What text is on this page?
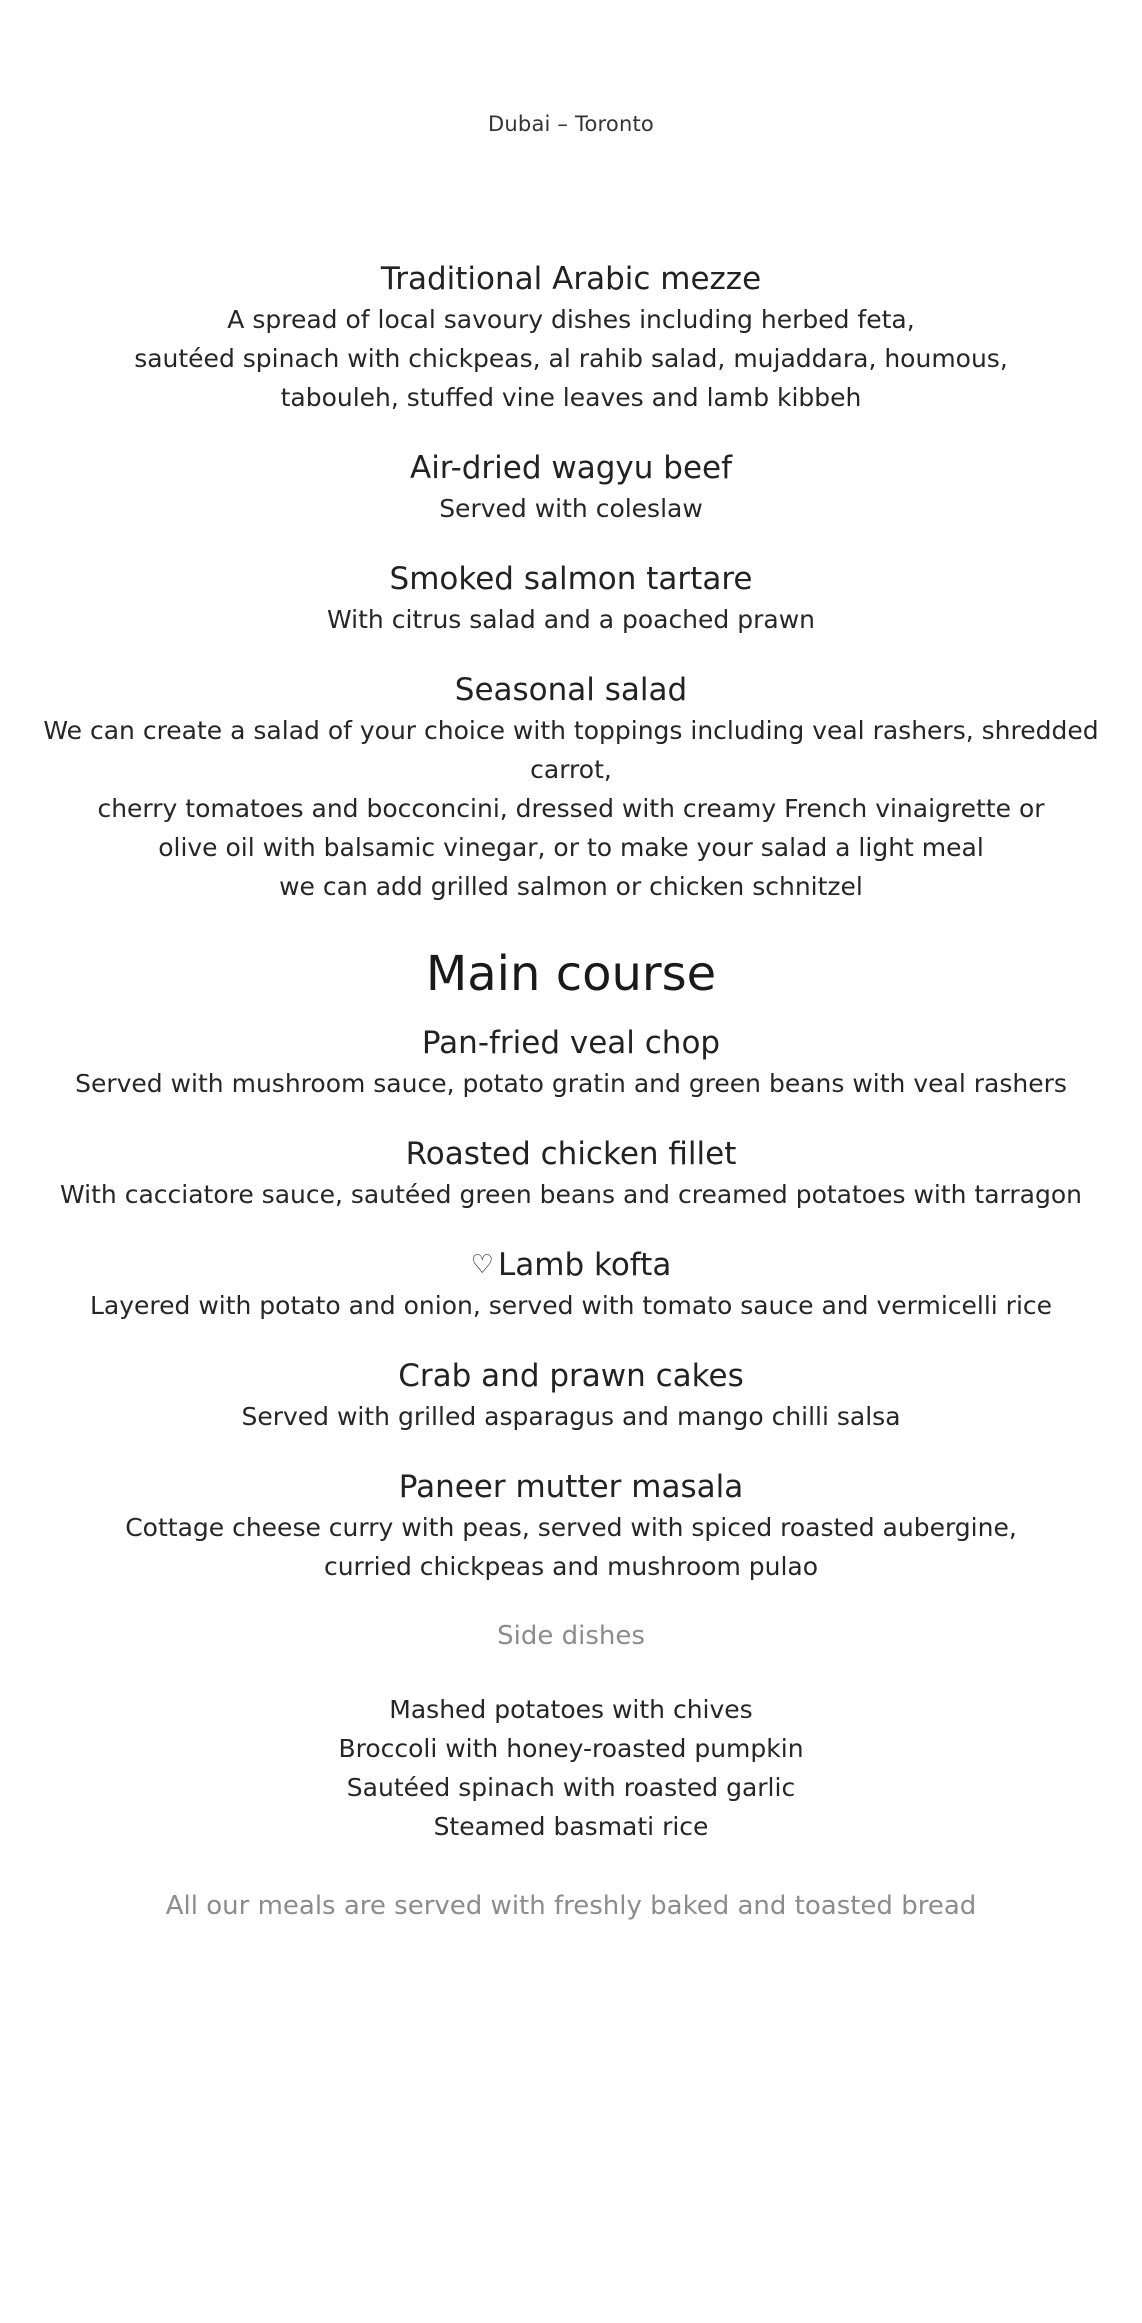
Dubai – Toronto
Traditional Arabic mezze
A spread of local savoury dishes including herbed feta,
sautéed spinach with chickpeas, al rahib salad, mujaddara, houmous,
tabouleh, stuffed vine leaves and lamb kibbeh
Air-dried wagyu beef
Served with coleslaw
Smoked salmon tartare
With citrus salad and a poached prawn
Seasonal salad
We can create a salad of your choice with toppings including veal rashers, shredded carrot,
cherry tomatoes and bocconcini, dressed with creamy French vinaigrette or
olive oil with balsamic vinegar, or to make your salad a light meal
we can add grilled salmon or chicken schnitzel
Main course
Pan-fried veal chop
Served with mushroom sauce, potato gratin and green beans with veal rashers
Roasted chicken fillet
With cacciatore sauce, sautéed green beans and creamed potatoes with tarragon
♡ Lamb kofta
Layered with potato and onion, served with tomato sauce and vermicelli rice
Crab and prawn cakes
Served with grilled asparagus and mango chilli salsa
Paneer mutter masala
Cottage cheese curry with peas, served with spiced roasted aubergine,
curried chickpeas and mushroom pulao
Side dishes
Mashed potatoes with chives
Broccoli with honey-roasted pumpkin
Sautéed spinach with roasted garlic
Steamed basmati rice
All our meals are served with freshly baked and toasted bread
